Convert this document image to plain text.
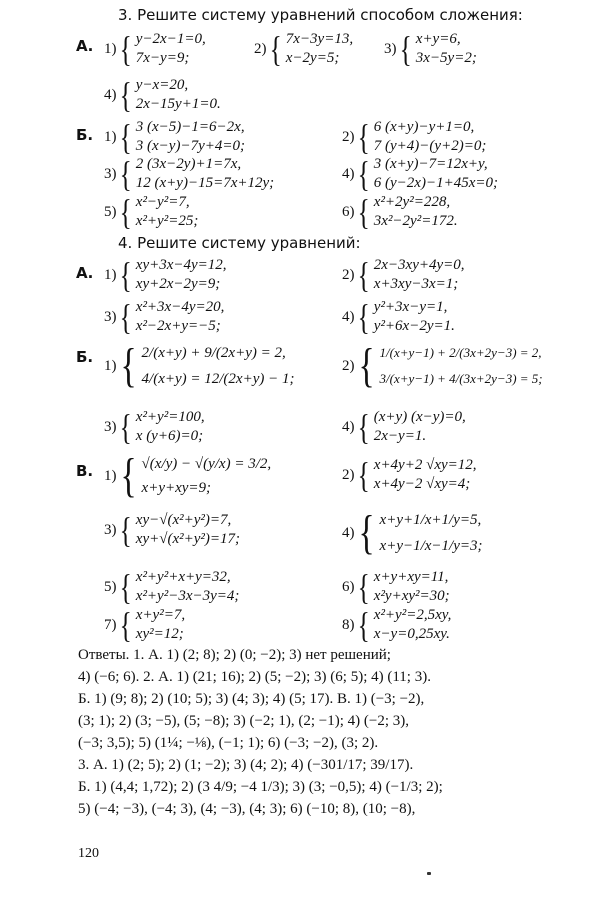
3. Решите систему уравнений способом сложения:
А. 1) { y−2x−1=0,
7x−y=9;
2) { 7x−3y=13,
x−2y=5;
3) { x+y=6,
3x−5y=2;
4) { y−x=20,
2x−15y+1=0.
Б. 1) { 3 (x−5)−1=6−2x,
3 (x−y)−7y+4=0;
2) { 6 (x+y)−y+1=0,
7 (y+4)−(y+2)=0;
3) { 2 (3x−2y)+1=7x,
12 (x+y)−15=7x+12y;
4) { 3 (x+y)−7=12x+y,
6 (y−2x)−1+45x=0;
5) { x²−y²=7,
x²+y²=25;
6) { x²+2y²=228,
3x²−2y²=172.
4. Решите систему уравнений:
А. 1) { xy+3x−4y=12,
xy+2x−2y=9;
2) { 2x−3xy+4y=0,
x+3xy−3x=1;
3) { x²+3x−4y=20,
x²−2x+y=−5;
4) { y²+3x−y=1,
y²+6x−2y=1.
Б. 1) { 2/(x+y) + 9/(2x+y) = 2,
4/(x+y) = 12/(2x+y) − 1;
2) { 1/(x+y−1) + 2/(3x+2y−3) = 2,
3/(x+y−1) + 4/(3x+2y−3) = 5;
3) { x²+y²=100,
x (y+6)=0;
4) { (x+y) (x−y)=0,
2x−y=1.
В. 1) { √(x/y) − √(y/x) = 3/2,
x+y+xy=9;
2) { x+4y+2 √xy=12,
x+4y−2 √xy=4;
3) { xy−√(x²+y²)=7,
xy+√(x²+y²)=17;	4) { x+y+1/x+1/y=5,
x+y−1/x−1/y=3;
5) { x²+y²+x+y=32,
x²+y²−3x−3y=4;
6) { x+y+xy=11,
x²y+xy²=30;
7) { x+y²=7,
xy²=12;
8) { x²+y²=2,5xy,
x−y=0,25xy.
Ответы. 1. А. 1) (2; 8); 2) (0; −2); 3) нет решений;
4) (−6; 6). 2. А. 1) (21; 16); 2) (5; −2); 3) (6; 5); 4) (11; 3).
Б. 1) (9; 8); 2) (10; 5); 3) (4; 3); 4) (5; 17). В. 1) (−3; −2),
(3; 1); 2) (3; −5), (5; −8); 3) (−2; 1), (2; −1); 4) (−2; 3),
(−3; 3,5); 5) (1¼; −⅛), (−1; 1); 6) (−3; −2), (3; 2).
3. А. 1) (2; 5); 2) (1; −2); 3) (4; 2); 4) (−301/17; 39/17).
Б. 1) (4,4; 1,72); 2) (3 4/9; −4 1/3); 3) (3; −0,5); 4) (−1/3; 2);
5) (−4; −3), (−4; 3), (4; −3), (4; 3); 6) (−10; 8), (10; −8),
120
